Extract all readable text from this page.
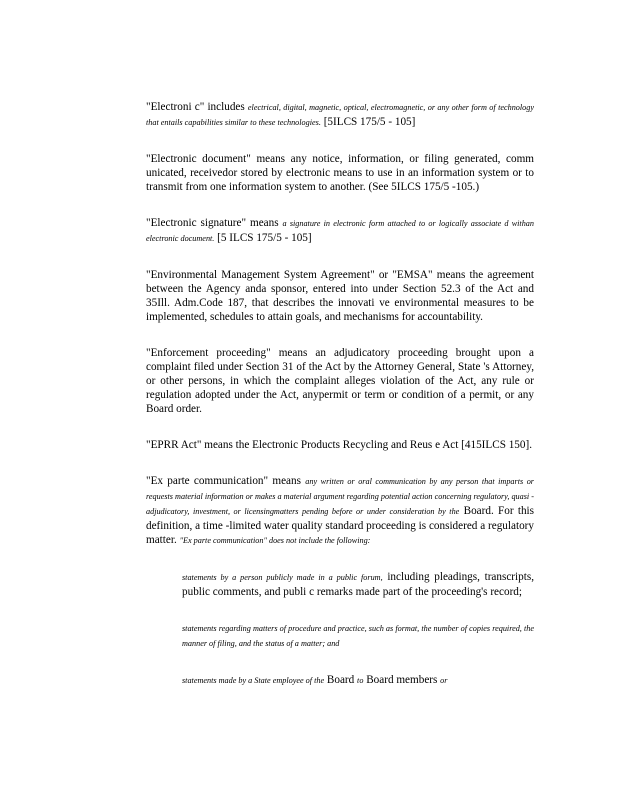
"Electroni c" includes electrical, digital, magnetic, optical, electromagnetic, or any other form of technology that entails capabilities similar to these technologies. [5ILCS 175/5 - 105]

"Electronic document" means any notice, information, or filing generated, comm unicated, receivedor stored by electronic means to use in an information system or to transmit from one information system to another. (See 5ILCS 175/5 -105.)

"Electronic signature" means a signature in electronic form attached to or logically associate d withan electronic document. [5 ILCS 175/5 - 105]

"Environmental Management System Agreement" or "EMSA" means the agreement between the Agency anda sponsor, entered into under Section 52.3 of the Act and 35Ill. Adm.Code 187, that describes the innovati ve environmental measures to be implemented, schedules to attain goals, and mechanisms for accountability.

"Enforcement proceeding" means an adjudicatory proceeding brought upon a complaint filed under Section 31 of the Act by the Attorney General, State 's Attorney, or other persons, in which the complaint alleges violation of the Act, any rule or regulation adopted under the Act, anypermit or term or condition of a permit, or any Board order.

"EPRR Act" means the Electronic Products Recycling and Reus e Act [415ILCS 150].

"Ex parte communication" means any written or oral communication by any person that imparts or requests material information or makes a material argument regarding potential action concerning regulatory, quasi -adjudicatory, investment, or licensingmatters pending before or under consideration by the Board. For this definition, a time -limited water quality standard proceeding is considered a regulatory matter. "Ex parte communication" does not include the following:

statements by a person publicly made in a public forum, including pleadings, transcripts, public comments, and publi c remarks made part of the proceeding's record;

statements regarding matters of procedure and practice, such as format, the number of copies required, the manner of filing, and the status of a matter; and

statements made by a State employee of the Board to Board members or
